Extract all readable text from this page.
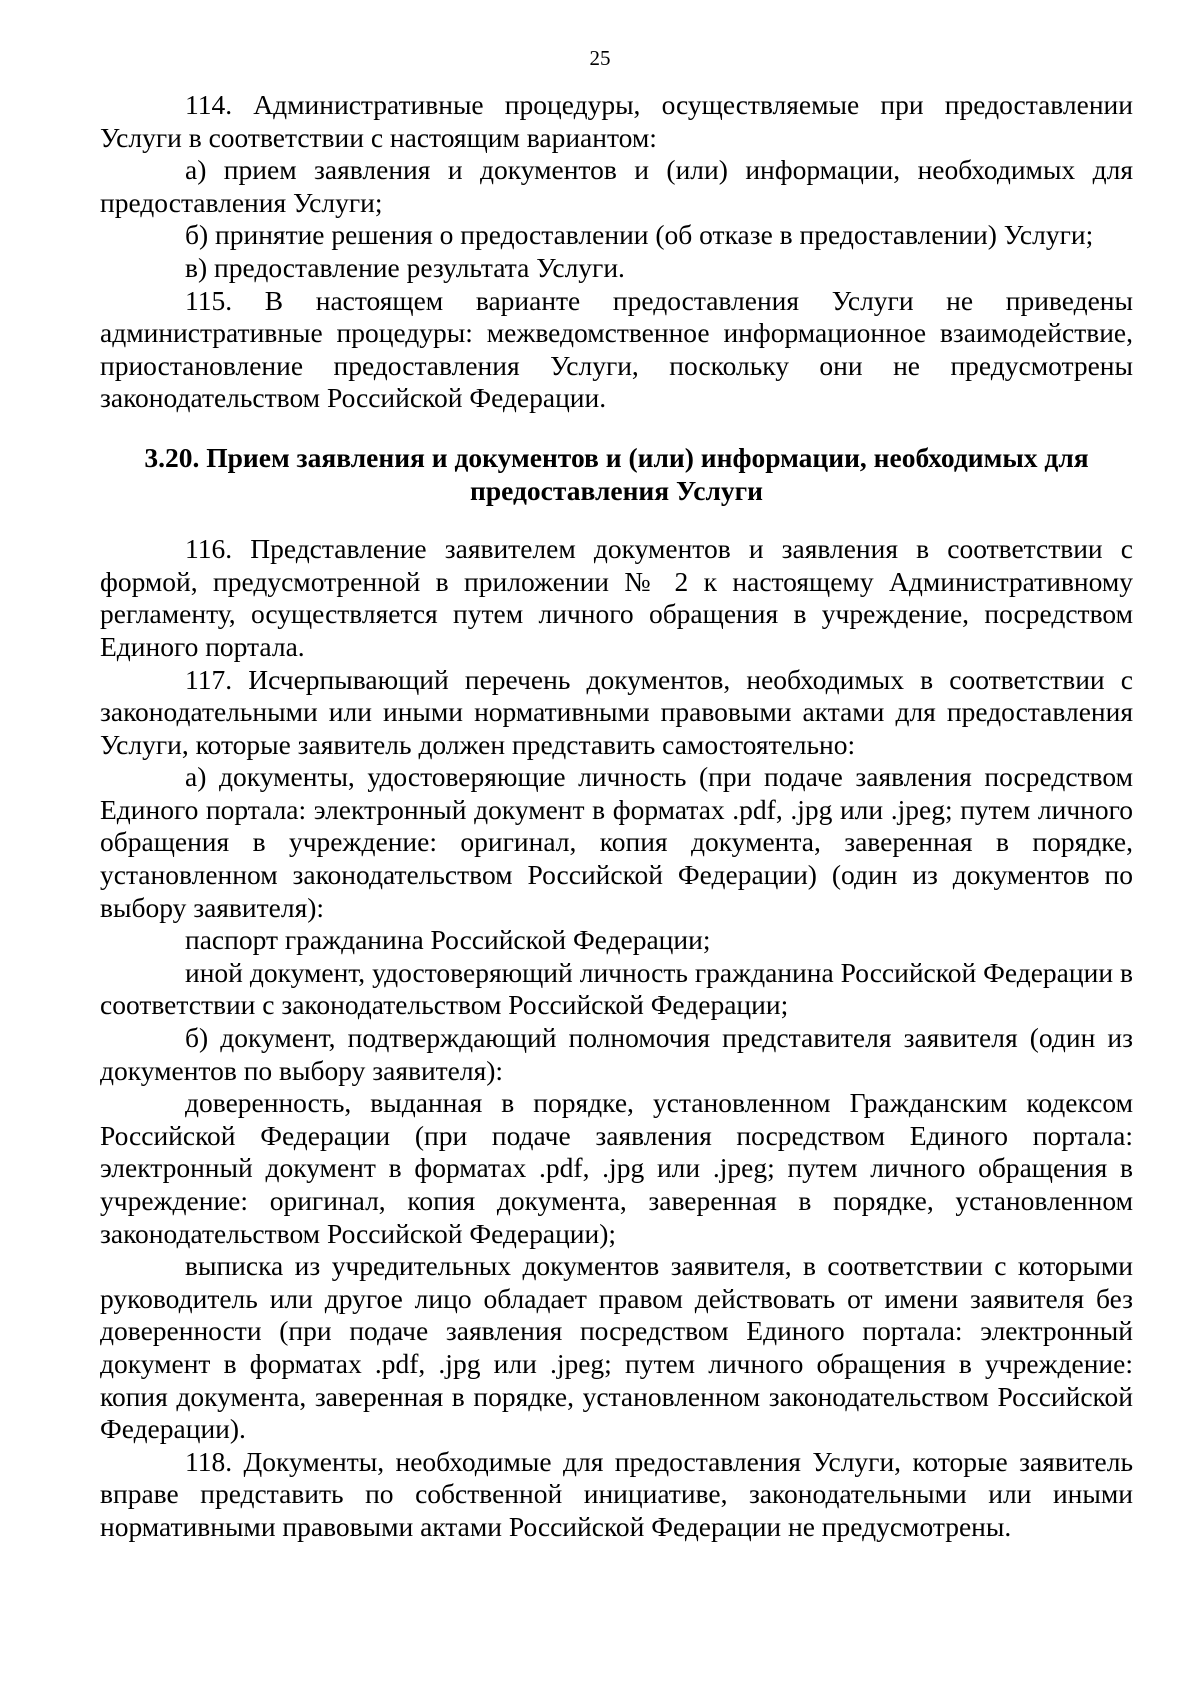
25

114. Административные процедуры, осуществляемые при предоставлении Услуги в соответствии с настоящим вариантом:

а) прием заявления и документов и (или) информации, необходимых для предоставления Услуги;

б) принятие решения о предоставлении (об отказе в предоставлении) Услуги;

в) предоставление результата Услуги.

115. В настоящем варианте предоставления Услуги не приведены административные процедуры: межведомственное информационное взаимодействие, приостановление предоставления Услуги, поскольку они не предусмотрены законодательством Российской Федерации.

3.20. Прием заявления и документов и (или) информации, необходимых для предоставления Услуги

116. Представление заявителем документов и заявления в соответствии с формой, предусмотренной в приложении № 2 к настоящему Административному регламенту, осуществляется путем личного обращения в учреждение, посредством Единого портала.

117. Исчерпывающий перечень документов, необходимых в соответствии с законодательными или иными нормативными правовыми актами для предоставления Услуги, которые заявитель должен представить самостоятельно:

а) документы, удостоверяющие личность (при подаче заявления посредством Единого портала: электронный документ в форматах .pdf, .jpg или .jpeg; путем личного обращения в учреждение: оригинал, копия документа, заверенная в порядке, установленном законодательством Российской Федерации) (один из документов по выбору заявителя):

паспорт гражданина Российской Федерации;

иной документ, удостоверяющий личность гражданина Российской Федерации в соответствии с законодательством Российской Федерации;

б) документ, подтверждающий полномочия представителя заявителя (один из документов по выбору заявителя):

доверенность, выданная в порядке, установленном Гражданским кодексом Российской Федерации (при подаче заявления посредством Единого портала: электронный документ в форматах .pdf, .jpg или .jpeg; путем личного обращения в учреждение: оригинал, копия документа, заверенная в порядке, установленном законодательством Российской Федерации);

выписка из учредительных документов заявителя, в соответствии с которыми руководитель или другое лицо обладает правом действовать от имени заявителя без доверенности (при подаче заявления посредством Единого портала: электронный документ в форматах .pdf, .jpg или .jpeg; путем личного обращения в учреждение: копия документа, заверенная в порядке, установленном законодательством Российской Федерации).

118. Документы, необходимые для предоставления Услуги, которые заявитель вправе представить по собственной инициативе, законодательными или иными нормативными правовыми актами Российской Федерации не предусмотрены.
